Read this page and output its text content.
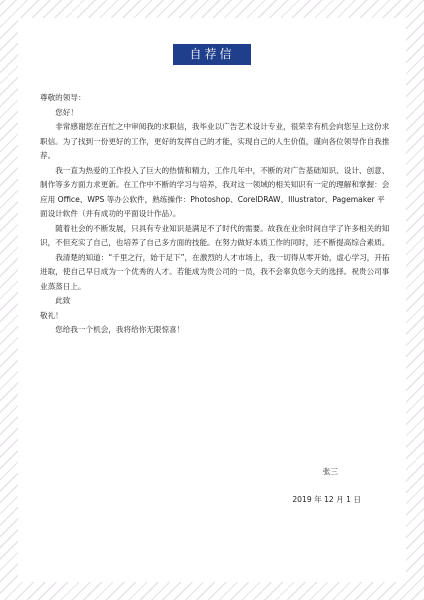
自荐信

尊敬的领导：

您好！

非常感谢您在百忙之中审阅我的求职信，我毕业以广告艺术设计专业，很荣幸有机会向您呈上这份求职信。为了找到一份更好的工作，更好的发挥自己的才能，实现自己的人生价值，谨向各位领导作自我推荐。

我一直为热爱的工作投入了巨大的热情和精力，工作几年中，不断的对广告基础知识、设计、创意、制作等多方面力求更新。在工作中不断的学习与培养，我对这一领域的相关知识有一定的理解和掌握：会应用 Office、WPS 等办公软件，熟练操作：Photoshop、CorelDRAW、Illustrator、Pagemaker 平面设计软件（并有成功的平面设计作品）。

随着社会的不断发展，只具有专业知识是满足不了时代的需要。故我在业余时间自学了许多相关的知识，不但充实了自己，也培养了自己多方面的技能。在努力做好本质工作的同时，还不断提高综合素质。

我清楚的知道：“千里之行，始于足下”，在激烈的人才市场上，我一切得从零开始，虚心学习，开拓进取，使自己早日成为一个优秀的人才。若能成为贵公司的一员，我不会辜负您今天的选择。祝贵公司事业蒸蒸日上。

此致

敬礼！

您给我一个机会，我将给你无限惊喜！

张三
2019 年 12 月 1 日
